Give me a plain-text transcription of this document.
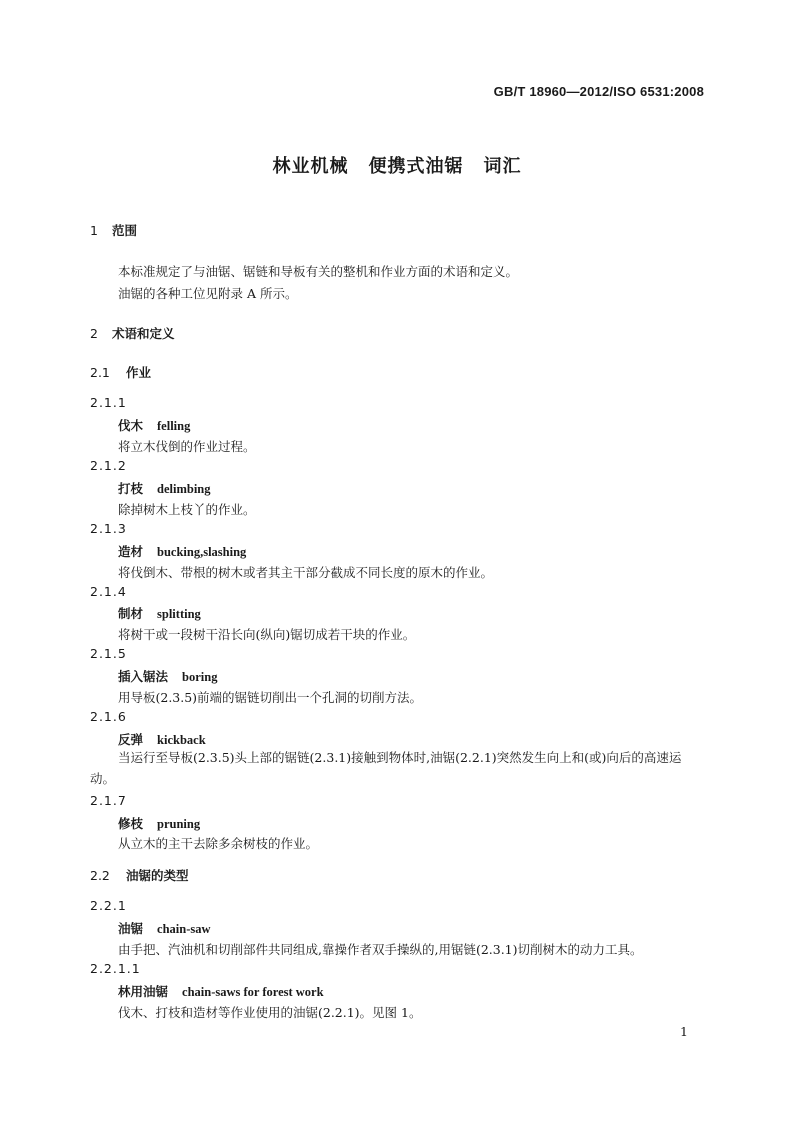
GB/T 18960—2012/ISO 6531:2008
林业机械 便携式油锯 词汇
1 范围
本标准规定了与油锯、锯链和导板有关的整机和作业方面的术语和定义。
油锯的各种工位见附录 A 所示。
2 术语和定义
2.1 作业
2.1.1
伐木 felling
将立木伐倒的作业过程。
2.1.2
打枝 delimbing
除掉树木上枝丫的作业。
2.1.3
造材 bucking,slashing
将伐倒木、带根的树木或者其主干部分截成不同长度的原木的作业。
2.1.4
制材 splitting
将树干或一段树干沿长向(纵向)锯切成若干块的作业。
2.1.5
插入锯法 boring
用导板(2.3.5)前端的锯链切削出一个孔洞的切削方法。
2.1.6
反弹 kickback
当运行至导板(2.3.5)头上部的锯链(2.3.1)接触到物体时,油锯(2.2.1)突然发生向上和(或)向后的高速运动。
2.1.7
修枝 pruning
从立木的主干去除多余树枝的作业。
2.2 油锯的类型
2.2.1
油锯 chain-saw
由手把、汽油机和切削部件共同组成,靠操作者双手操纵的,用锯链(2.3.1)切削树木的动力工具。
2.2.1.1
林用油锯 chain-saws for forest work
伐木、打枝和造材等作业使用的油锯(2.2.1)。见图 1。
1
